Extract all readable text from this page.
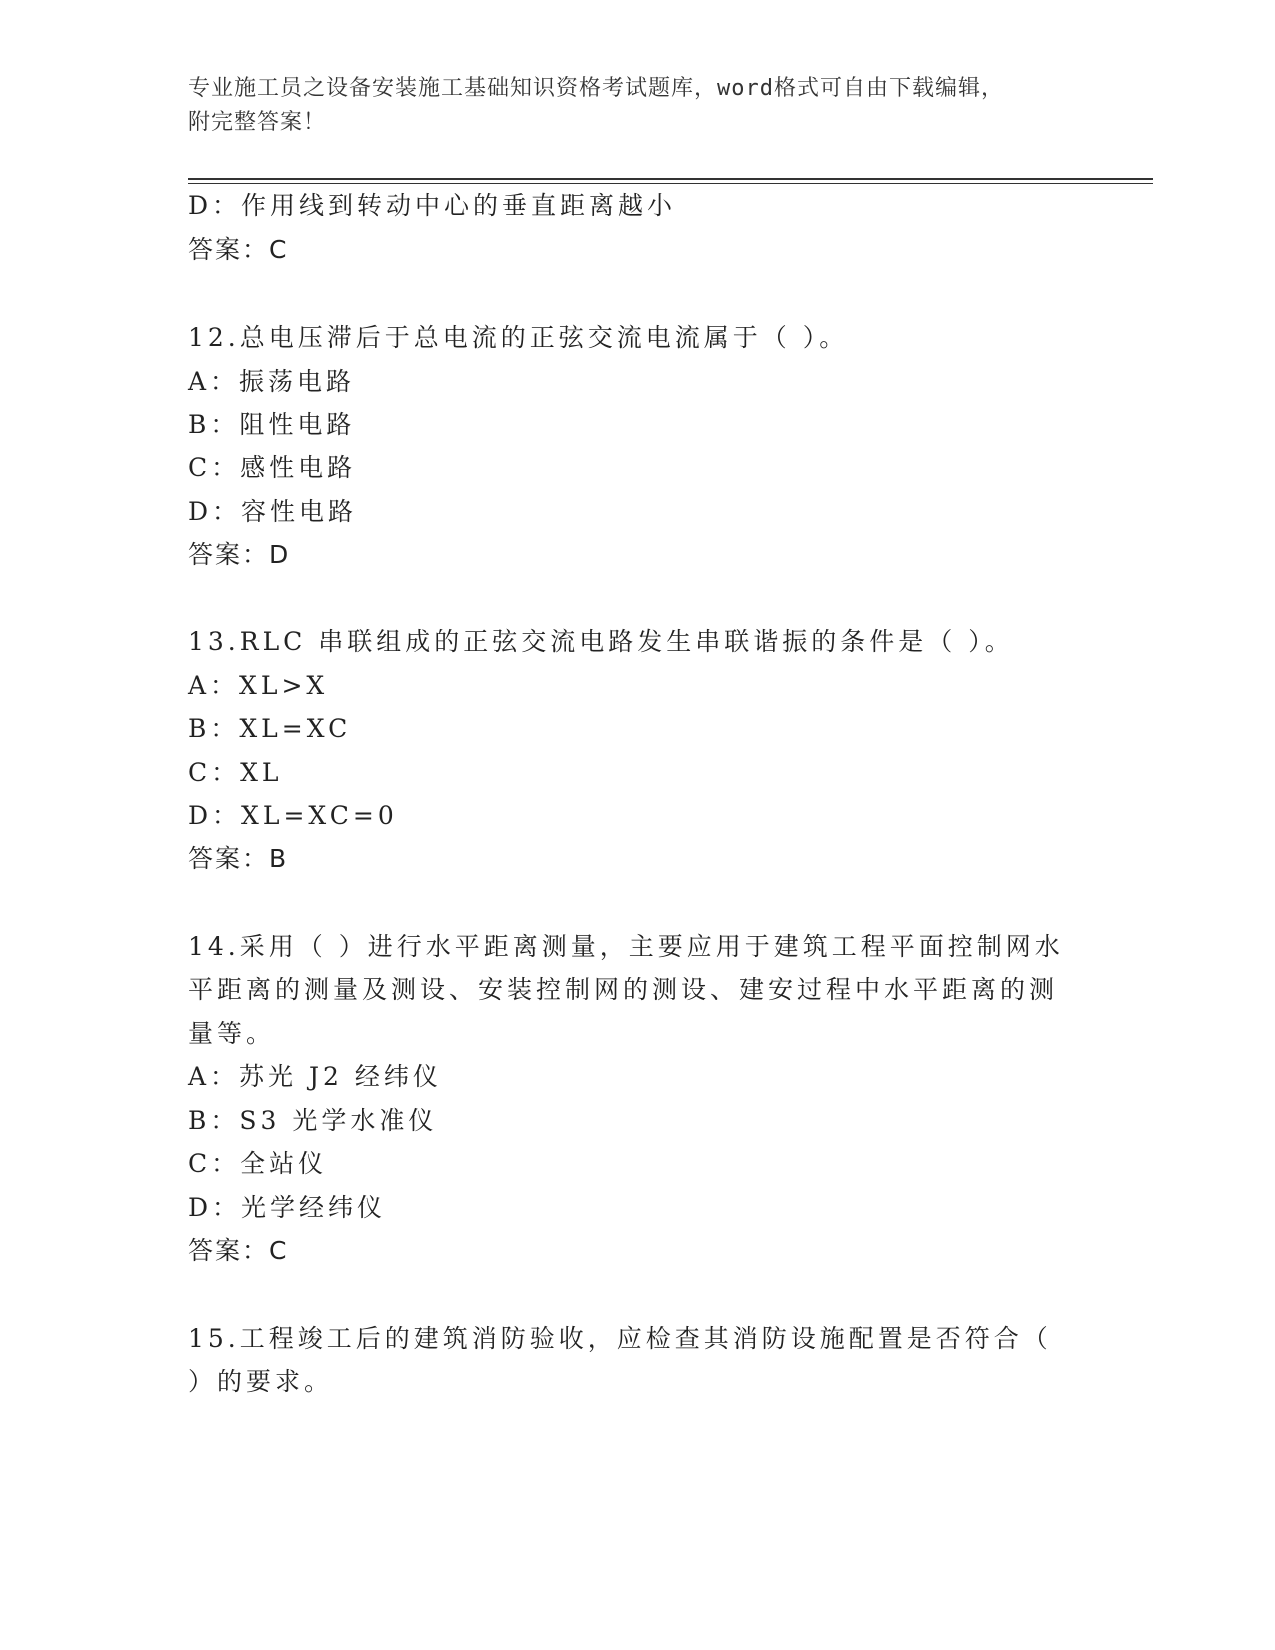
专业施工员之设备安装施工基础知识资格考试题库，word格式可自由下载编辑，
附完整答案！
D：作用线到转动中心的垂直距离越小
答案：C
12.总电压滞后于总电流的正弦交流电流属于（ ）。
A：振荡电路
B：阻性电路
C：感性电路
D：容性电路
答案：D
13.RLC 串联组成的正弦交流电路发生串联谐振的条件是（ ）。
A：XL>X
B：XL=XC
C：XL
D：XL=XC=0
答案：B
14.采用（ ）进行水平距离测量，主要应用于建筑工程平面控制网水
平距离的测量及测设、安装控制网的测设、建安过程中水平距离的测
量等。
A：苏光 J2 经纬仪
B：S3 光学水准仪
C：全站仪
D：光学经纬仪
答案：C
15.工程竣工后的建筑消防验收，应检查其消防设施配置是否符合（
）的要求。
